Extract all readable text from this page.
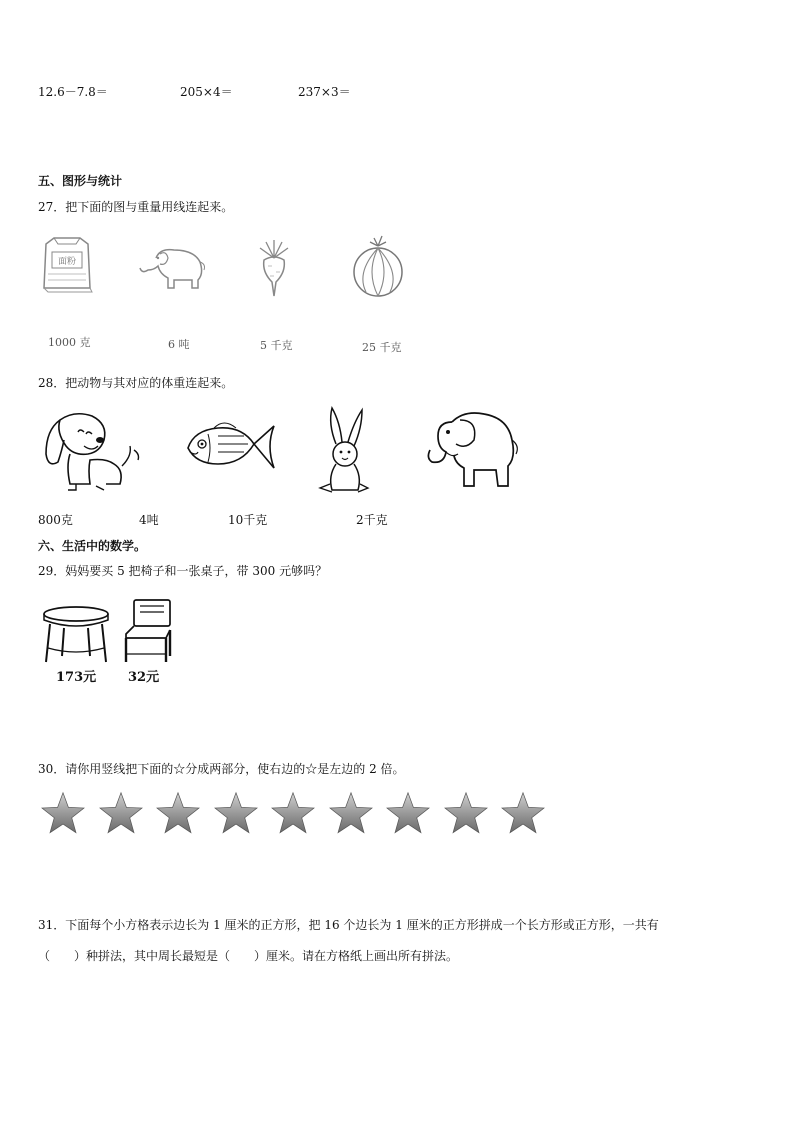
12.6－7.8＝	205×4＝	237×3＝
五、图形与统计
27．把下面的图与重量用线连起来。
面粉
1000 克	6 吨	5 千克	25 千克
28．把动物与其对应的体重连起来。
800克	4吨	10千克	2千克
六、生活中的数学。
29．妈妈要买 5 把椅子和一张桌子，带 300 元够吗？
173元 32元
30．请你用竖线把下面的☆分成两部分，使右边的☆是左边的 2 倍。
31．下面每个小方格表示边长为 1 厘米的正方形，把 16 个边长为 1 厘米的正方形拼成一个长方形或正方形，一共有
（　　）种拼法，其中周长最短是（　　）厘米。请在方格纸上画出所有拼法。
